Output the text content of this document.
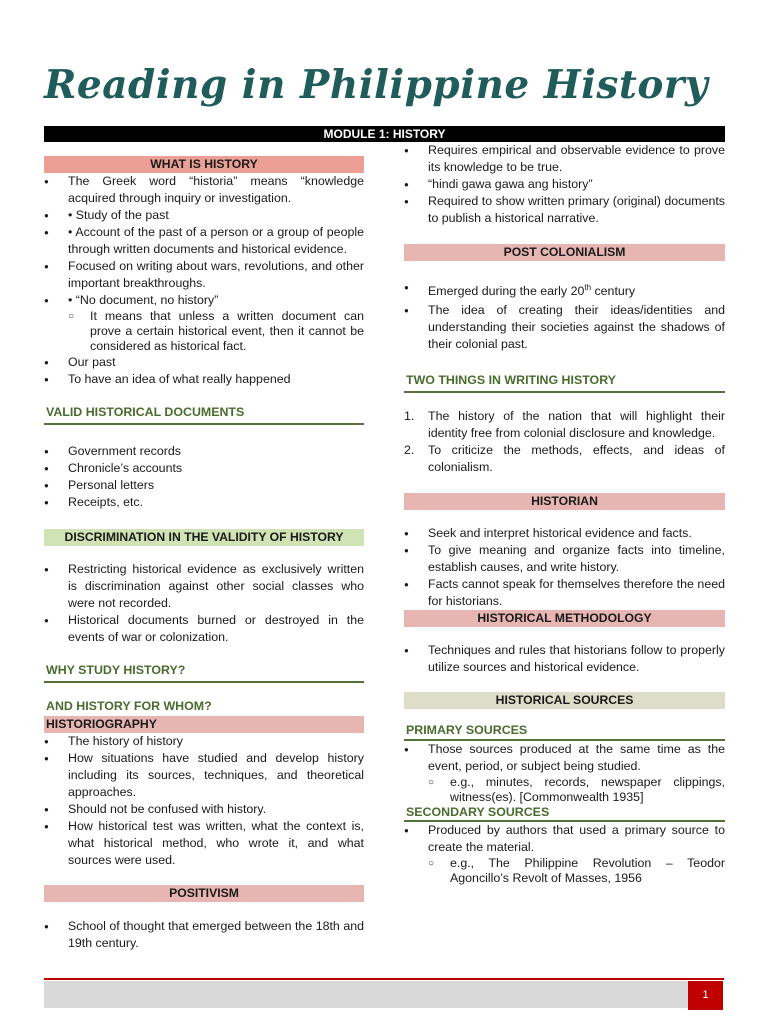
Reading in Philippine History
MODULE 1: HISTORY
WHAT IS HISTORY
● The Greek word “historia” means “knowledge acquired through inquiry or investigation.
● • Study of the past
● • Account of the past of a person or a group of people through written documents and historical evidence.
● Focused on writing about wars, revolutions, and other important breakthroughs.
● • “No document, no history”
○ It means that unless a written document can prove a certain historical event, then it cannot be considered as historical fact.
● Our past
● To have an idea of what really happened
VALID HISTORICAL DOCUMENTS
● Government records
● Chronicle’s accounts
● Personal letters
● Receipts, etc.
DISCRIMINATION IN THE VALIDITY OF HISTORY
● Restricting historical evidence as exclusively written is discrimination against other social classes who were not recorded.
● Historical documents burned or destroyed in the events of war or colonization.
WHY STUDY HISTORY?
AND HISTORY FOR WHOM?
HISTORIOGRAPHY
● The history of history
● How situations have studied and develop history including its sources, techniques, and theoretical approaches.
● Should not be confused with history.
● How historical test was written, what the context is, what historical method, who wrote it, and what sources were used.
POSITIVISM
● School of thought that emerged between the 18th and 19th century.
● Requires empirical and observable evidence to prove its knowledge to be true.
● “hindi gawa gawa ang history”
● Required to show written primary (original) documents to publish a historical narrative.
POST COLONIALISM
● Emerged during the early 20th century
● The idea of creating their ideas/identities and understanding their societies against the shadows of their colonial past.
TWO THINGS IN WRITING HISTORY
1. The history of the nation that will highlight their identity free from colonial disclosure and knowledge.
2. To criticize the methods, effects, and ideas of colonialism.
HISTORIAN
● Seek and interpret historical evidence and facts.
● To give meaning and organize facts into timeline, establish causes, and write history.
● Facts cannot speak for themselves therefore the need for historians.
HISTORICAL METHODOLOGY
● Techniques and rules that historians follow to properly utilize sources and historical evidence.
HISTORICAL SOURCES
PRIMARY SOURCES
● Those sources produced at the same time as the event, period, or subject being studied.
○ e.g., minutes, records, newspaper clippings, witness(es). [Commonwealth 1935]
SECONDARY SOURCES
● Produced by authors that used a primary source to create the material.
○ e.g., The Philippine Revolution – Teodor Agoncillo’s Revolt of Masses, 1956
1
